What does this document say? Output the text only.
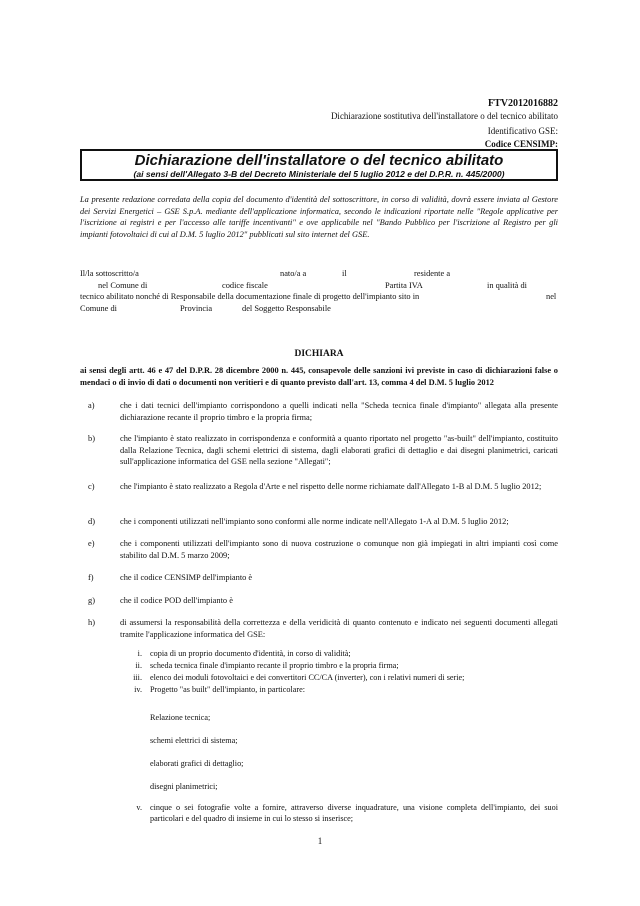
FTV2012016882
Dichiarazione sostitutiva dell'installatore o del tecnico abilitato
Identificativo GSE:
Codice CENSIMP:
Dichiarazione dell'installatore o del tecnico abilitato
(ai sensi dell'Allegato 3-B del Decreto Ministeriale del 5 luglio 2012 e del D.P.R. n. 445/2000)
La presente redazione corredata della copia del documento d'identità del sottoscrittore, in corso di validità, dovrà essere inviata al Gestore dei Servizi Energetici – GSE S.p.A. mediante dell'applicazione informatica, secondo le indicazioni riportate nelle "Regole applicative per l'iscrizione ai registri e per l'accesso alle tariffe incentivanti" e ove applicabile nel "Bando Pubblico per l'iscrizione al Registro per gli impianti fotovoltaici di cui al D.M. 5 luglio 2012" pubblicati sul sito internet del GSE.
Il/la sottoscritto/a	nato/a a	il	residente a
nel Comune di	codice fiscale	Partita IVA	in qualità di
tecnico abilitato nonché di Responsabile della documentazione finale di progetto dell'impianto sito in	nel
Comune di	Provincia	del Soggetto Responsabile
DICHIARA
ai sensi degli artt. 46 e 47 del D.P.R. 28 dicembre 2000 n. 445, consapevole delle sanzioni ivi previste in caso di dichiarazioni false o mendaci o di invio di dati o documenti non veritieri e di quanto previsto dall'art. 13, comma 4 del D.M. 5 luglio 2012
a)	che i dati tecnici dell'impianto corrispondono a quelli indicati nella "Scheda tecnica finale d'impianto" allegata alla presente dichiarazione recante il proprio timbro e la propria firma;
b)	che l'impianto è stato realizzato in corrispondenza e conformità a quanto riportato nel progetto "as-built" dell'impianto, costituito dalla Relazione Tecnica, dagli schemi elettrici di sistema, dagli elaborati grafici di dettaglio e dai disegni planimetrici, caricati sull'applicazione informatica del GSE nella sezione "Allegati";
c)	che l'impianto è stato realizzato a Regola d'Arte e nel rispetto delle norme richiamate dall'Allegato 1-B al D.M. 5 luglio 2012;
d)	che i componenti utilizzati nell'impianto sono conformi alle norme indicate nell'Allegato 1-A al D.M. 5 luglio 2012;
e)	che i componenti utilizzati dell'impianto sono di nuova costruzione o comunque non già impiegati in altri impianti così come stabilito dal D.M. 5 marzo 2009;
f)	che il codice CENSIMP dell'impianto è
g)	che il codice POD dell'impianto è
h)	di assumersi la responsabilità della correttezza e della veridicità di quanto contenuto e indicato nei seguenti documenti allegati tramite l'applicazione informatica del GSE:
i. copia di un proprio documento d'identità, in corso di validità;
ii. scheda tecnica finale d'impianto recante il proprio timbro e la propria firma;
iii. elenco dei moduli fotovoltaici e dei convertitori CC/CA (inverter), con i relativi numeri di serie;
iv. Progetto "as built" dell'impianto, in particolare:
Relazione tecnica;
schemi elettrici di sistema;
elaborati grafici di dettaglio;
disegni planimetrici;
v. cinque o sei fotografie volte a fornire, attraverso diverse inquadrature, una visione completa dell'impianto, dei suoi particolari e del quadro di insieme in cui lo stesso si inserisce;
1
